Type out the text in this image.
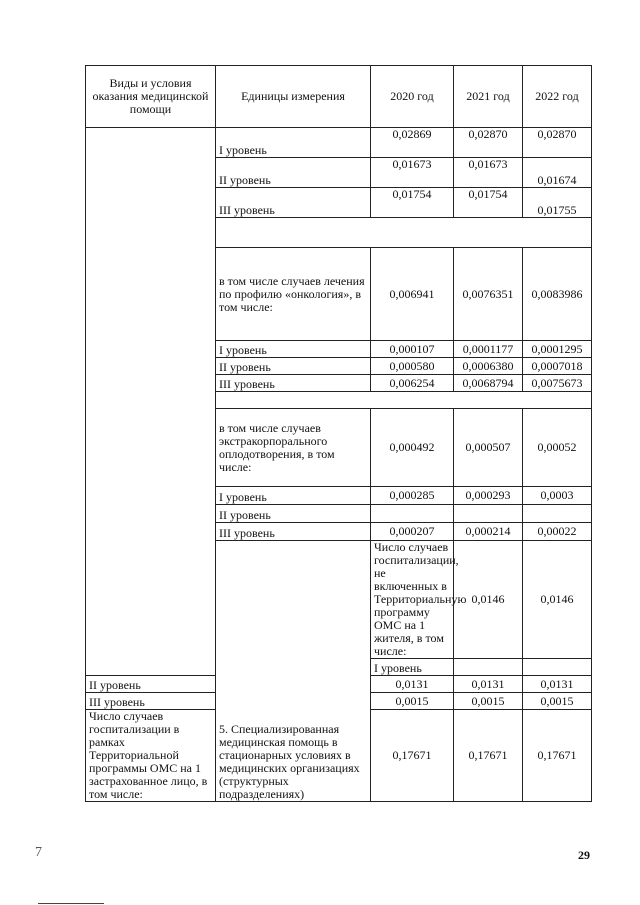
Виды и условия оказания медицинской помощи	Единицы измерения	2020 год	2021 год	2022 год	
	I уровень	0,02869	0,02870	0,02870	
	II уровень	0,01673	0,01673	0,01674	
	III уровень	0,01754	0,01754	0,01755	

	в том числе случаев лечения по профилю «онкология», в том числе:	0,006941	0,0076351	0,0083986	
	I уровень	0,000107	0,0001177	0,0001295	
	II уровень	0,000580	0,0006380	0,0007018	
	III уровень	0,006254	0,0068794	0,0075673	

	в том числе случаев экстракорпорального оплодотворения, в том числе:	0,000492	0,000507	0,00052	
	I уровень	0,000285	0,000293	0,0003	
	II уровень				
	III уровень	0,000207	0,000214	0,00022	
	5. Специализированная медицинская помощь в стационарных условиях в медицинских организациях (структурных подразделениях)	Число случаев госпитализации, не включенных в Территориальную программу ОМС на 1 жителя, в том числе:	0,0146	0,0146	
		I уровень			
II уровень		0,0131	0,0131	0,0131	
III уровень		0,0015	0,0015	0,0015	
Число случаев госпитализации в рамках Территориальной программы ОМС на 1 застрахованное лицо, в том числе:		0,17671	0,17671	0,17671	
7	29
